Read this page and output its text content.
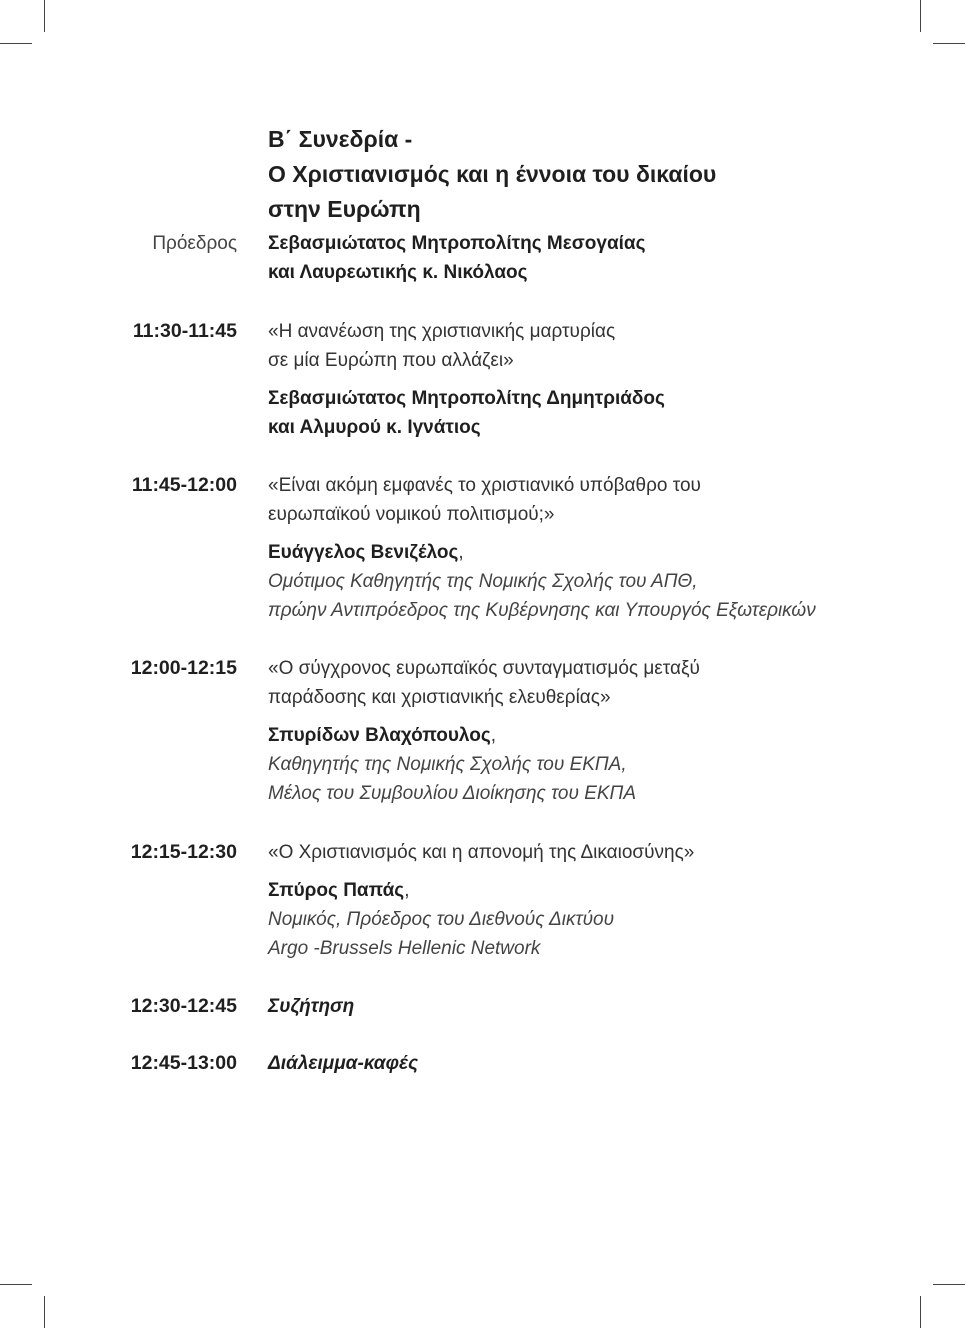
Β΄ Συνεδρία -
Ο Χριστιανισμός και η έννοια του δικαίου
στην Ευρώπη
Πρόεδρος Σεβασμιώτατος Μητροπολίτης Μεσογαίας
και Λαυρεωτικής κ. Νικόλαος
11:30-11:45 «Η ανανέωση της χριστιανικής μαρτυρίας
σε μία Ευρώπη που αλλάζει»
Σεβασμιώτατος Μητροπολίτης Δημητριάδος
και Αλμυρού κ. Ιγνάτιος
11:45-12:00 «Είναι ακόμη εμφανές το χριστιανικό υπόβαθρο του
ευρωπαϊκού νομικού πολιτισμού;»
Ευάγγελος Βενιζέλος,
Ομότιμος Καθηγητής της Νομικής Σχολής του ΑΠΘ,
πρώην Αντιπρόεδρος της Κυβέρνησης και Υπουργός Εξωτερικών
12:00-12:15 «Ο σύγχρονος ευρωπαϊκός συνταγματισμός μεταξύ
παράδοσης και χριστιανικής ελευθερίας»
Σπυρίδων Βλαχόπουλος,
Καθηγητής της Νομικής Σχολής του ΕΚΠΑ,
Μέλος του Συμβουλίου Διοίκησης του ΕΚΠΑ
12:15-12:30 «Ο Χριστιανισμός και η απονομή της Δικαιοσύνης»
Σπύρος Παπάς,
Νομικός, Πρόεδρος του Διεθνούς Δικτύου
Argo -Brussels Hellenic Network
12:30-12:45 Συζήτηση
12:45-13:00 Διάλειμμα-καφές
